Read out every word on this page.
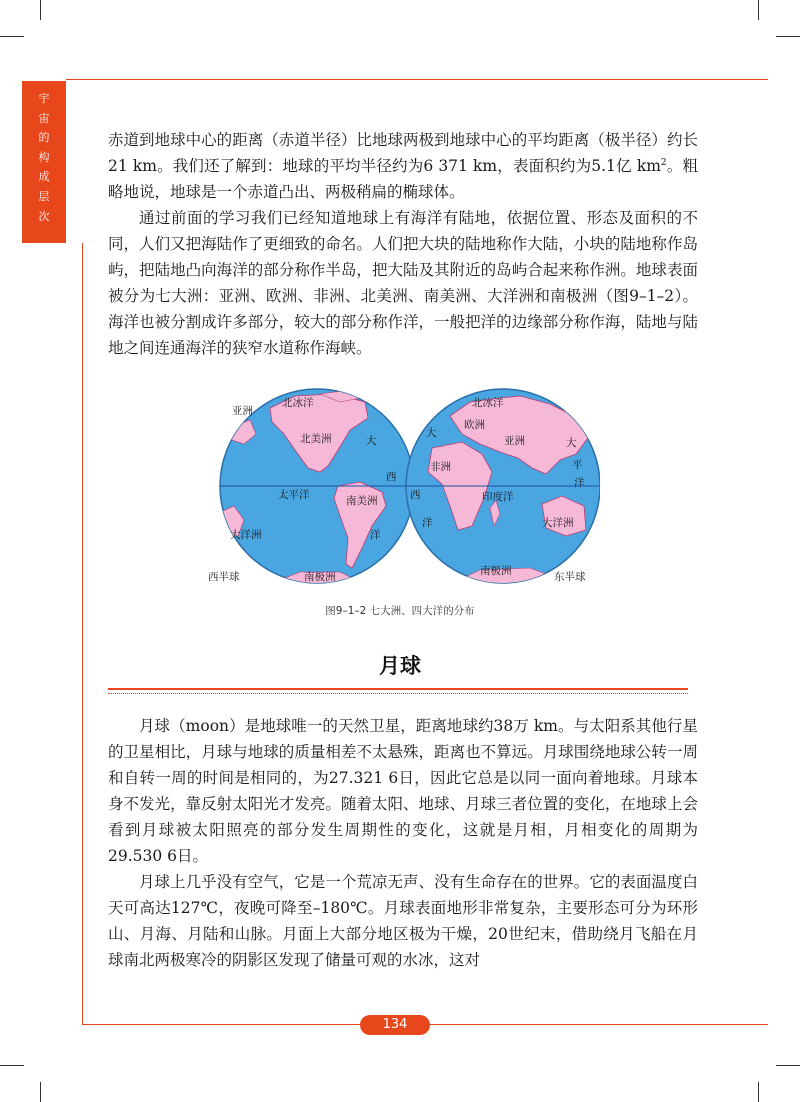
宇
宙
的
构
成
层
次

赤道到地球中心的距离（赤道半径）比地球两极到地球中心的平均距离（极半径）约长21 km。我们还了解到：地球的平均半径约为6 371 km，表面积约为5.1亿 $km^2$。粗略地说，地球是一个赤道凸出、两极稍扁的椭球体。

通过前面的学习我们已经知道地球上有海洋有陆地，依据位置、形态及面积的不同，人们又把海陆作了更细致的命名。人们把大块的陆地称作大陆，小块的陆地称作岛屿，把陆地凸向海洋的部分称作半岛，把大陆及其附近的岛屿合起来称作洲。地球表面被分为七大洲：亚洲、欧洲、非洲、北美洲、南美洲、大洋洲和南极洲（图9–1–2）。海洋也被分割成许多部分，较大的部分称作洋，一般把洋的边缘部分称作海，陆地与陆地之间连通海洋的狭窄水道称作海峡。

亚洲
北冰洋
北美洲	大
西
太平洋	南美洲
洋
大洋洲
南极洲
西半球
北冰洋
欧洲
亚洲
大
非洲
大
平
洋
西	印度洋
洋	大洋洲
南极洲	东半球
图9–1–2 七大洲、四大洋的分布
月球

月球（moon）是地球唯一的天然卫星，距离地球约38万 km。与太阳系其他行星的卫星相比，月球与地球的质量相差不太悬殊，距离也不算远。月球围绕地球公转一周和自转一周的时间是相同的，为27.321 6日，因此它总是以同一面向着地球。月球本身不发光，靠反射太阳光才发亮。随着太阳、地球、月球三者位置的变化，在地球上会看到月球被太阳照亮的部分发生周期性的变化，这就是月相，月相变化的周期为29.530 6日。

月球上几乎没有空气，它是一个荒凉无声、没有生命存在的世界。它的表面温度白天可高达127℃，夜晚可降至–180℃。月球表面地形非常复杂，主要形态可分为环形山、月海、月陆和山脉。月面上大部分地区极为干燥，20世纪末，借助绕月飞船在月球南北两极寒冷的阴影区发现了储量可观的水冰，这对

134
